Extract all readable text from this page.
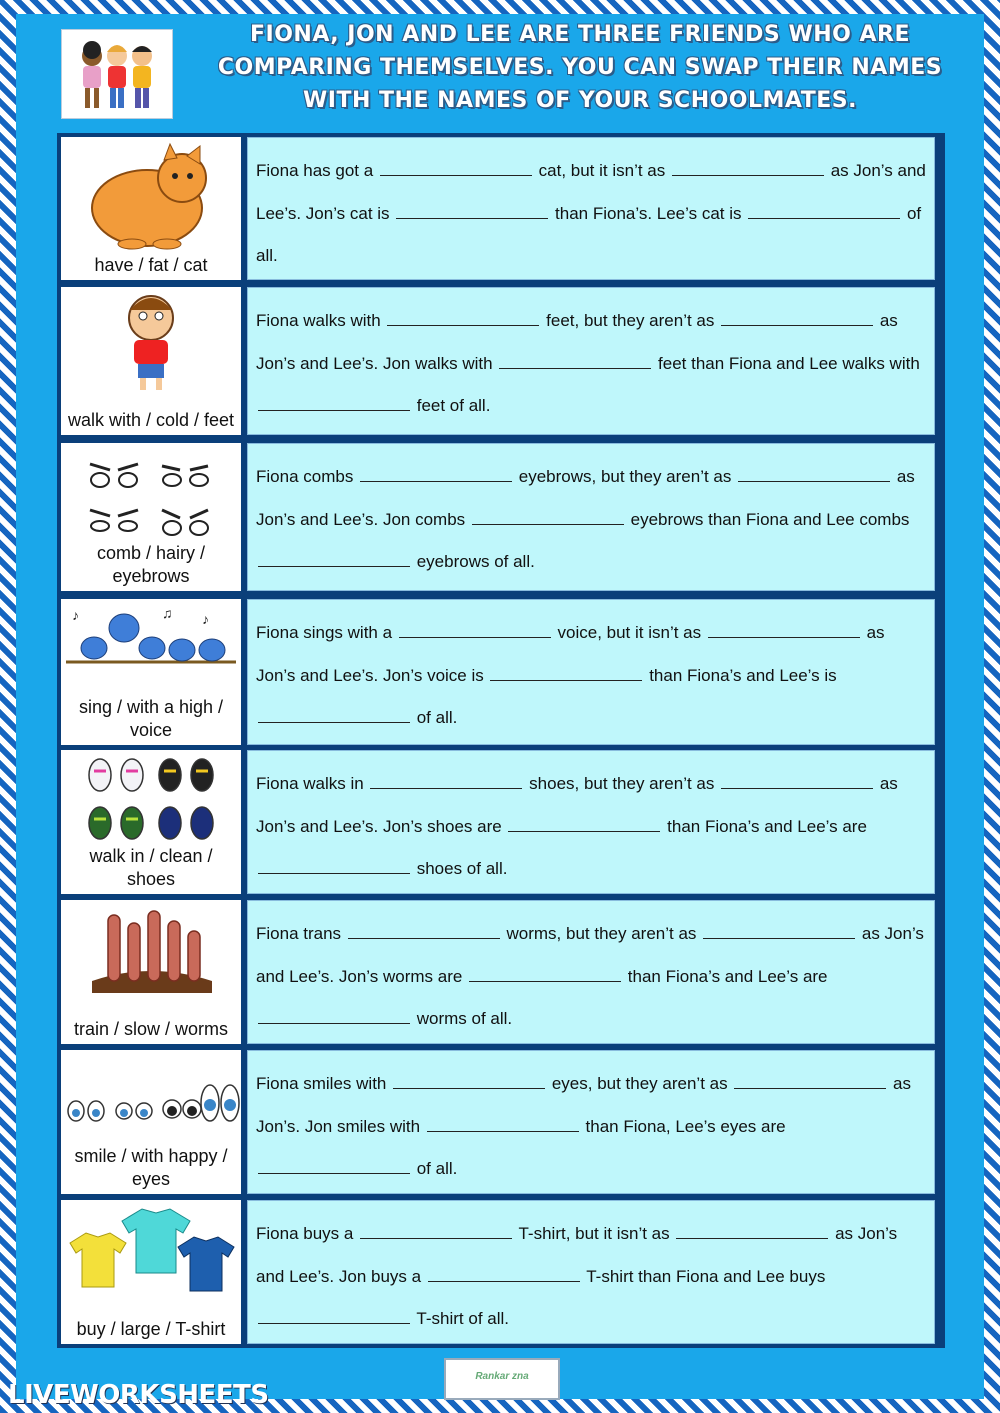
FIONA, JON AND LEE ARE THREE FRIENDS WHO ARE COMPARING THEMSELVES. YOU CAN SWAP THEIR NAMES WITH THE NAMES OF YOUR SCHOOLMATES.
have / fat / cat
Fiona has got a	cat, but it isn’t as	as Jon’s and Lee’s. Jon’s cat is	than Fiona’s. Lee’s cat is	of all.
walk with / cold / feet
Fiona walks with	feet, but they aren’t as	as Jon’s and Lee’s. Jon walks with	feet than Fiona and Lee walks with  feet of all.
comb / hairy / eyebrows
Fiona combs	eyebrows, but they aren’t as	as Jon’s and Lee’s. Jon combs	eyebrows than Fiona and Lee combs  eyebrows of all.
♪	♫ ♪
sing / with a high / voice
Fiona sings with a	voice, but it isn’t as	as Jon’s and Lee’s. Jon’s voice is	than Fiona’s and Lee’s is  of all.
walk in / clean / shoes
Fiona walks in	shoes, but they aren’t as	as Jon’s and Lee’s. Jon’s shoes are	than Fiona’s and Lee’s are  shoes of all.
train / slow / worms
Fiona trans	worms, but they aren’t as	as Jon’s and Lee’s. Jon’s worms are	than Fiona’s and Lee’s are  worms of all.
smile / with happy / eyes
Fiona smiles with	eyes, but they aren’t as	as Jon’s. Jon smiles with	than Fiona, Lee’s eyes are  of all.
buy / large / T-shirt
Fiona buys a	T-shirt, but it isn’t as	as Jon’s and Lee’s. Jon buys a	T-shirt than Fiona and Lee buys  T-shirt of all.
Rankar zna
LIVEWORKSHEETS
